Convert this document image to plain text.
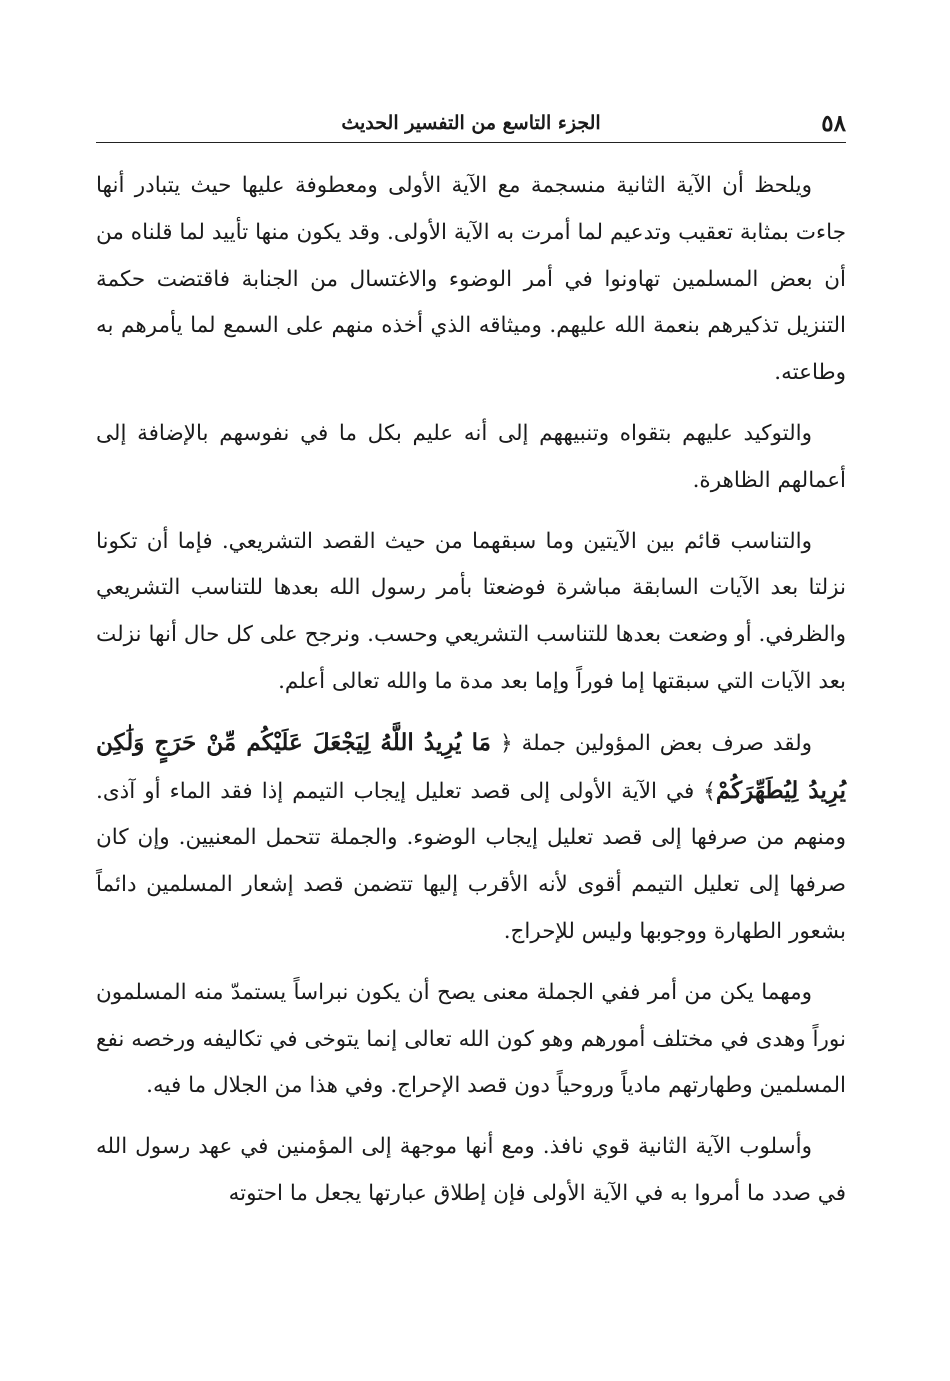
٥٨
الجزء التاسع من التفسير الحديث

ويلحظ أن الآية الثانية منسجمة مع الآية الأولى ومعطوفة عليها حيث يتبادر أنها جاءت بمثابة تعقيب وتدعيم لما أمرت به الآية الأولى. وقد يكون منها تأييد لما قلناه من أن بعض المسلمين تهاونوا في أمر الوضوء والاغتسال من الجنابة فاقتضت حكمة التنزيل تذكيرهم بنعمة الله عليهم. وميثاقه الذي أخذه منهم على السمع لما يأمرهم به وطاعته.

والتوكيد عليهم بتقواه وتنبيههم إلى أنه عليم بكل ما في نفوسهم بالإضافة إلى أعمالهم الظاهرة.

والتناسب قائم بين الآيتين وما سبقهما من حيث القصد التشريعي. فإما أن تكونا نزلتا بعد الآيات السابقة مباشرة فوضعتا بأمر رسول الله بعدها للتناسب التشريعي والظرفي. أو وضعت بعدها للتناسب التشريعي وحسب. ونرجح على كل حال أنها نزلت بعد الآيات التي سبقتها إما فوراً وإما بعد مدة ما والله تعالى أعلم.

ولقد صرف بعض المؤولين جملة ﴿ مَا يُرِيدُ اللَّهُ لِيَجْعَلَ عَلَيْكُم مِّنْ حَرَجٍ وَلَٰكِن يُرِيدُ لِيُطَهِّرَكُمْ﴾ في الآية الأولى إلى قصد تعليل إيجاب التيمم إذا فقد الماء أو آذى. ومنهم من صرفها إلى قصد تعليل إيجاب الوضوء. والجملة تتحمل المعنيين. وإن كان صرفها إلى تعليل التيمم أقوى لأنه الأقرب إليها تتضمن قصد إشعار المسلمين دائماً بشعور الطهارة ووجوبها وليس للإحراج.

ومهما يكن من أمر ففي الجملة معنى يصح أن يكون نبراساً يستمدّ منه المسلمون نوراً وهدى في مختلف أمورهم وهو كون الله تعالى إنما يتوخى في تكاليفه ورخصه نفع المسلمين وطهارتهم مادياً وروحياً دون قصد الإحراج. وفي هذا من الجلال ما فيه.

وأسلوب الآية الثانية قوي نافذ. ومع أنها موجهة إلى المؤمنين في عهد رسول الله في صدد ما أمروا به في الآية الأولى فإن إطلاق عبارتها يجعل ما احتوته
